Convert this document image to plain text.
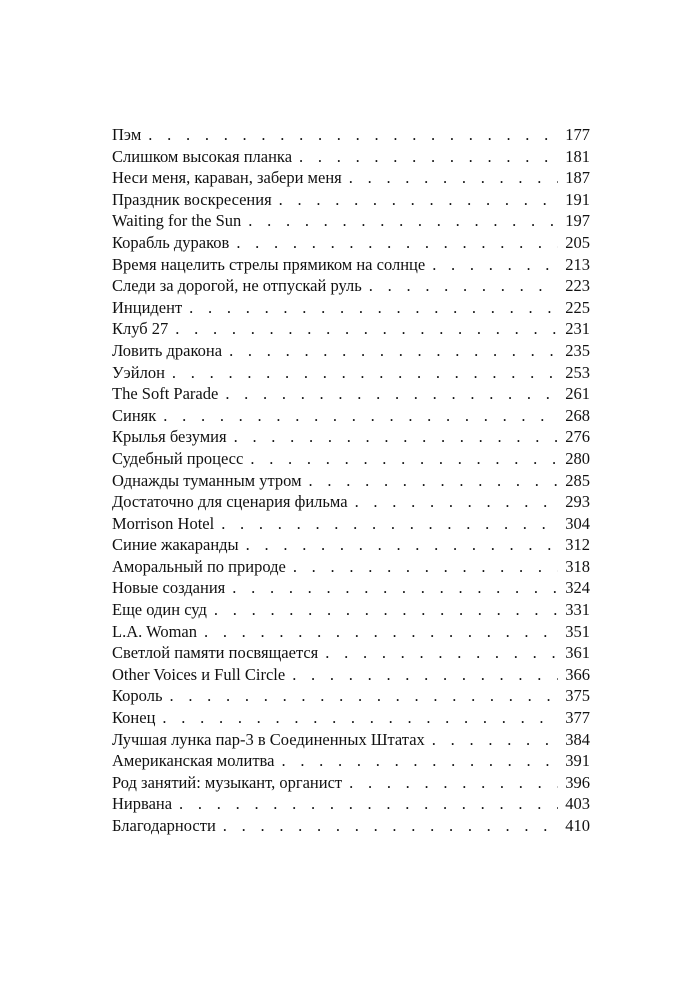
Пэм . . .	177
Слишком высокая планка . . .	181
Неси меня, караван, забери меня . . .	187
Праздник воскресения . . .	191
Waiting for the Sun . . .	197
Корабль дураков . . .	205
Время нацелить стрелы прямиком на солнце . . .	213
Следи за дорогой, не отпускай руль . . .	223
Инцидент . . .	225
Клуб 27 . . .	231
Ловить дракона . . .	235
Уэйлон . . .	253
The Soft Parade . . .	261
Синяк . . .	268
Крылья безумия . . .	276
Судебный процесс . . .	280
Однажды туманным утром . . .	285
Достаточно для сценария фильма . . .	293
Morrison Hotel . . .	304
Синие жакаранды . . .	312
Аморальный по природе . . .	318
Новые создания . . .	324
Еще один суд . . .	331
L.A. Woman . . .	351
Светлой памяти посвящается . . .	361
Other Voices и Full Circle . . .	366
Король . . .	375
Конец . . .	377
Лучшая лунка пар-3 в Соединенных Штатах . . .	384
Американская молитва . . .	391
Род занятий: музыкант, органист . . .	396
Нирвана . . .	403
Благодарности . . .	410
